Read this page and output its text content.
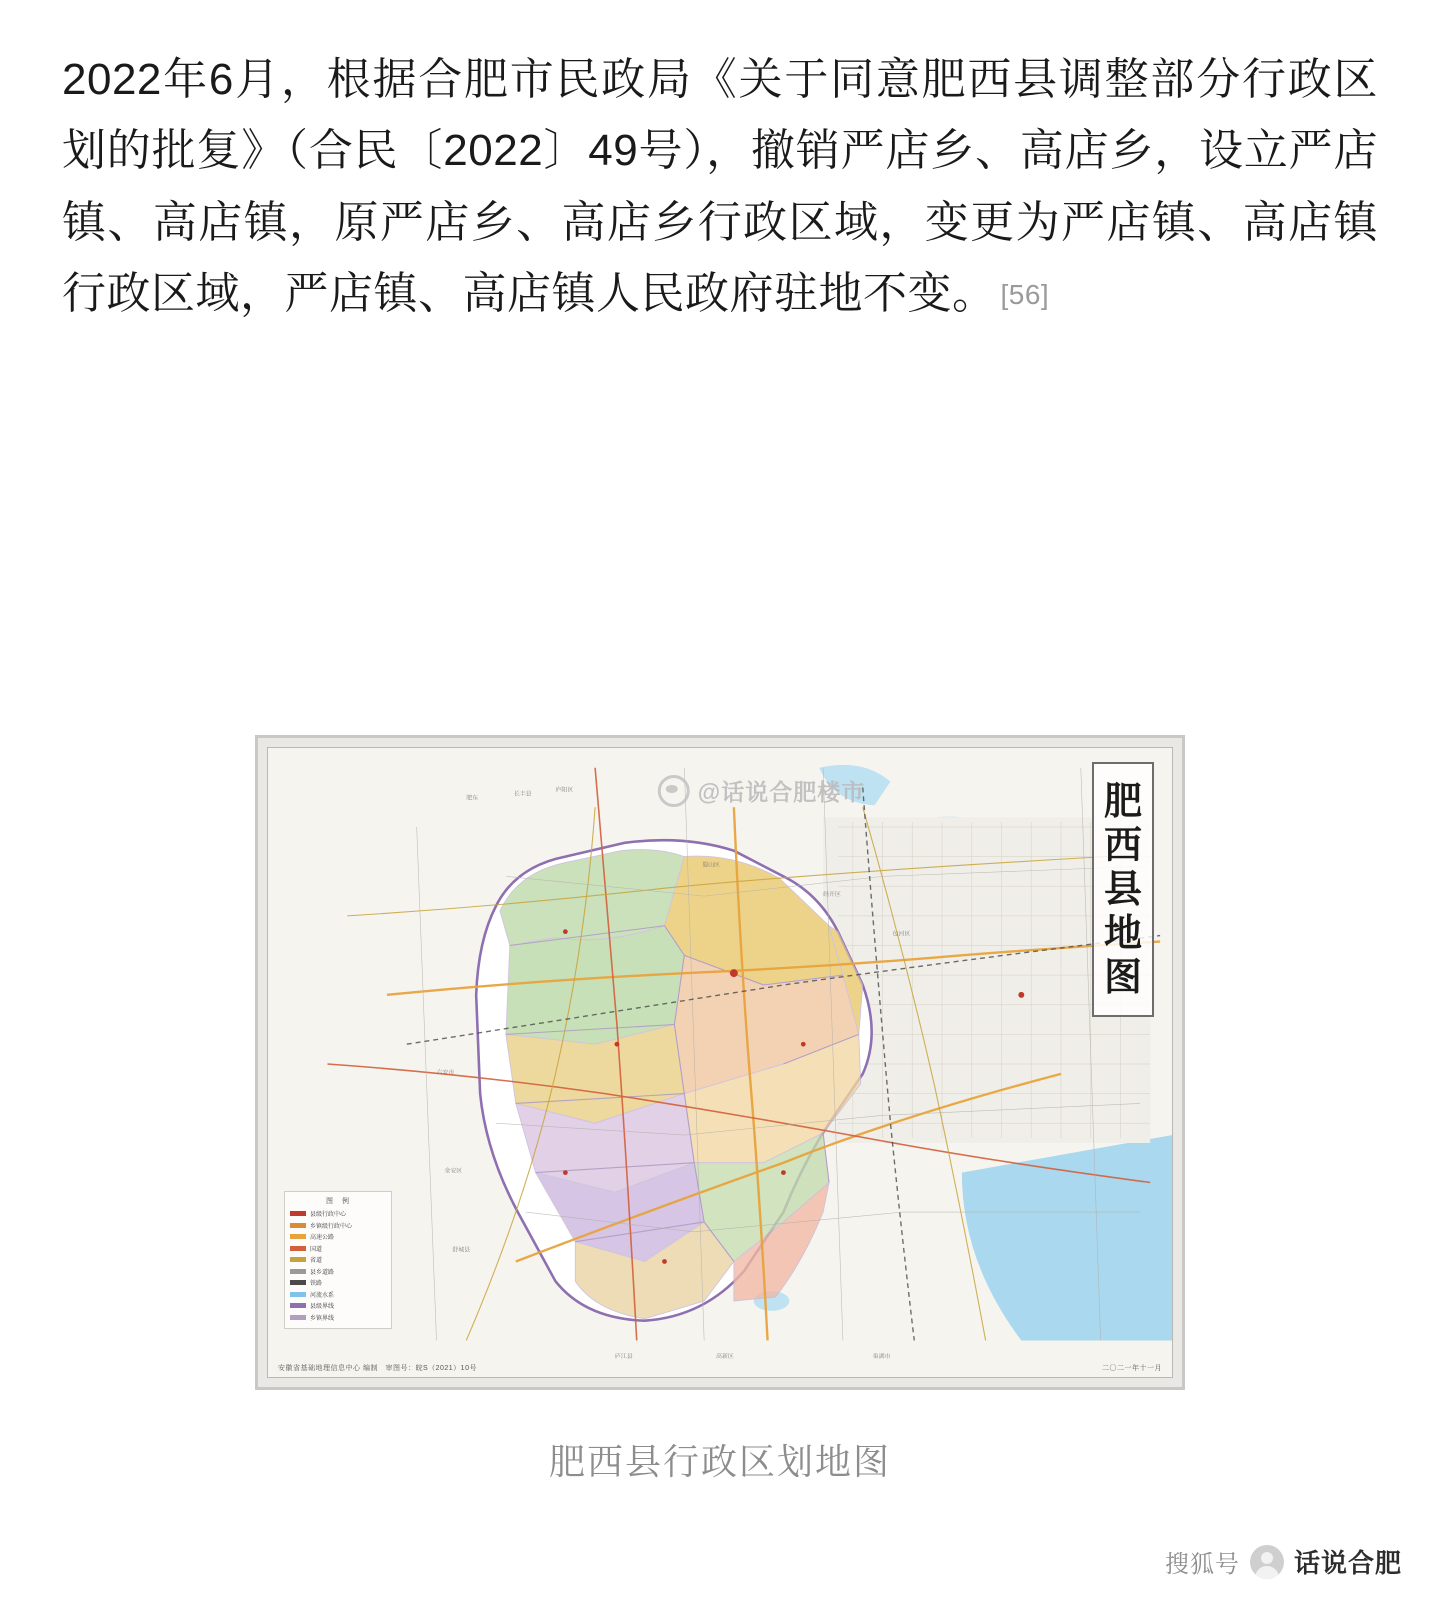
2022年6月，根据合肥市民政局《关于同意肥西县调整部分行政区划的批复》（合民〔2022〕49号），撤销严店乡、高店乡，设立严店镇、高店镇，原严店乡、高店乡行政区域，变更为严店镇、高店镇行政区域，严店镇、高店镇人民政府驻地不变。 [56]

肥东
长丰县
庐阳区
蜀山区
经开区
包河区
六安市
金安区
舒城县
庐江县	巢湖市
高新区
@话说合肥楼市	肥
西
县
地
图
图　例
县级行政中心
乡镇级行政中心
高速公路
国道
省道
县乡道路
铁路
河流水系
县级界线
乡镇界线
安徽省基础地理信息中心 编制　审图号：皖S（2021）10号	二〇二一年十一月
肥西县行政区划地图
搜狐号 话说合肥
